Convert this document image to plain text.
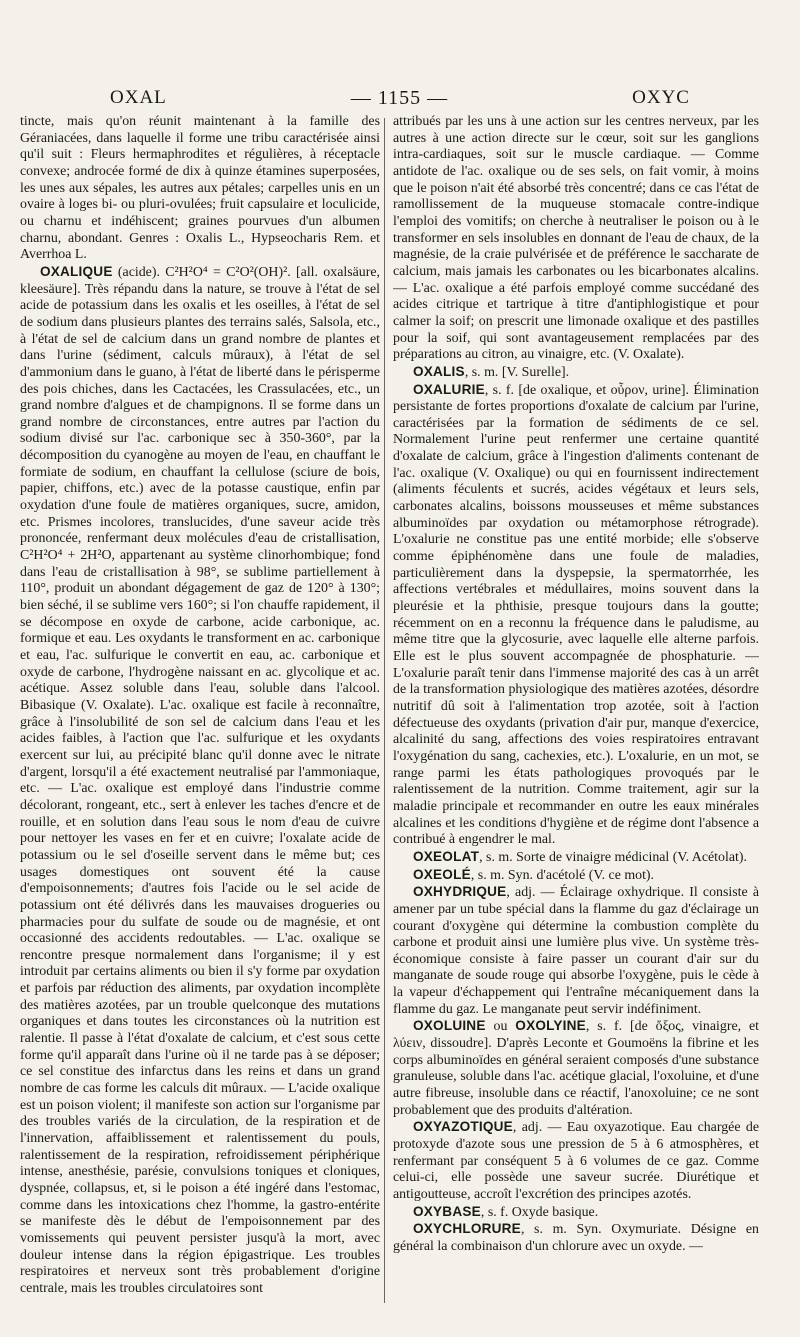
OXAL	— 1155 —	OXYC

tincte, mais qu'on réunit maintenant à la famille des Géraniacées, dans laquelle il forme une tribu caractérisée ainsi qu'il suit : Fleurs hermaphrodites et régulières, à réceptacle convexe; androcée formé de dix à quinze étamines superposées, les unes aux sépales, les autres aux pétales; carpelles unis en un ovaire à loges bi- ou pluri-ovulées; fruit capsulaire et loculicide, ou charnu et indéhiscent; graines pourvues d'un albumen charnu, abondant. Genres : Oxalis L., Hypseocharis Rem. et Averrhoa L.

OXALIQUE (acide). C²H²O⁴ = C²O²(OH)². [all. oxalsäure, kleesäure]. Très répandu dans la nature, se trouve à l'état de sel acide de potassium dans les oxalis et les oseilles, à l'état de sel de sodium dans plusieurs plantes des terrains salés, Salsola, etc., à l'état de sel de calcium dans un grand nombre de plantes et dans l'urine (sédiment, calculs mûraux), à l'état de sel d'ammonium dans le guano, à l'état de liberté dans le périsperme des pois chiches, dans les Cactacées, les Crassulacées, etc., un grand nombre d'algues et de champignons. Il se forme dans un grand nombre de circonstances, entre autres par l'action du sodium divisé sur l'ac. carbonique sec à 350-360°, par la décomposition du cyanogène au moyen de l'eau, en chauffant le formiate de sodium, en chauffant la cellulose (sciure de bois, papier, chiffons, etc.) avec de la potasse caustique, enfin par oxydation d'une foule de matières organiques, sucre, amidon, etc. Prismes incolores, translucides, d'une saveur acide très prononcée, renfermant deux molécules d'eau de cristallisation, C²H²O⁴ + 2H²O, appartenant au système clinorhombique; fond dans l'eau de cristallisation à 98°, se sublime partiellement à 110°, produit un abondant dégagement de gaz de 120° à 130°; bien séché, il se sublime vers 160°; si l'on chauffe rapidement, il se décompose en oxyde de carbone, acide carbonique, ac. formique et eau. Les oxydants le transforment en ac. carbonique et eau, l'ac. sulfurique le convertit en eau, ac. carbonique et oxyde de carbone, l'hydrogène naissant en ac. glycolique et ac. acétique. Assez soluble dans l'eau, soluble dans l'alcool. Bibasique (V. Oxalate). L'ac. oxalique est facile à reconnaître, grâce à l'insolubilité de son sel de calcium dans l'eau et les acides faibles, à l'action que l'ac. sulfurique et les oxydants exercent sur lui, au précipité blanc qu'il donne avec le nitrate d'argent, lorsqu'il a été exactement neutralisé par l'ammoniaque, etc. — L'ac. oxalique est employé dans l'industrie comme décolorant, rongeant, etc., sert à enlever les taches d'encre et de rouille, et en solution dans l'eau sous le nom d'eau de cuivre pour nettoyer les vases en fer et en cuivre; l'oxalate acide de potassium ou le sel d'oseille servent dans le même but; ces usages domestiques ont souvent été la cause d'empoisonnements; d'autres fois l'acide ou le sel acide de potassium ont été délivrés dans les mauvaises drogueries ou pharmacies pour du sulfate de soude ou de magnésie, et ont occasionné des accidents redoutables. — L'ac. oxalique se rencontre presque normalement dans l'organisme; il y est introduit par certains aliments ou bien il s'y forme par oxydation et parfois par réduction des aliments, par oxydation incomplète des matières azotées, par un trouble quelconque des mutations organiques et dans toutes les circonstances où la nutrition est ralentie. Il passe à l'état d'oxalate de calcium, et c'est sous cette forme qu'il apparaît dans l'urine où il ne tarde pas à se déposer; ce sel constitue des infarctus dans les reins et dans un grand nombre de cas forme les calculs dit mûraux. — L'acide oxalique est un poison violent; il manifeste son action sur l'organisme par des troubles variés de la circulation, de la respiration et de l'innervation, affaiblissement et ralentissement du pouls, ralentissement de la respiration, refroidissement périphérique intense, anesthésie, parésie, convulsions toniques et cloniques, dyspnée, collapsus, et, si le poison a été ingéré dans l'estomac, comme dans les intoxications chez l'homme, la gastro-entérite se manifeste dès le début de l'empoisonnement par des vomissements qui peuvent persister jusqu'à la mort, avec douleur intense dans la région épigastrique. Les troubles respiratoires et nerveux sont très probablement d'origine centrale, mais les troubles circulatoires sont

attribués par les uns à une action sur les centres nerveux, par les autres à une action directe sur le cœur, soit sur les ganglions intra-cardiaques, soit sur le muscle cardiaque. — Comme antidote de l'ac. oxalique ou de ses sels, on fait vomir, à moins que le poison n'ait été absorbé très concentré; dans ce cas l'état de ramollissement de la muqueuse stomacale contre-indique l'emploi des vomitifs; on cherche à neutraliser le poison ou à le transformer en sels insolubles en donnant de l'eau de chaux, de la magnésie, de la craie pulvérisée et de préférence le saccharate de calcium, mais jamais les carbonates ou les bicarbonates alcalins. — L'ac. oxalique a été parfois employé comme succédané des acides citrique et tartrique à titre d'antiphlogistique et pour calmer la soif; on prescrit une limonade oxalique et des pastilles pour la soif, qui sont avantageusement remplacées par des préparations au citron, au vinaigre, etc. (V. Oxalate).

OXALIS, s. m. [V. Surelle].

OXALURIE, s. f. [de oxalique, et οὖρον, urine]. Élimination persistante de fortes proportions d'oxalate de calcium par l'urine, caractérisées par la formation de sédiments de ce sel. Normalement l'urine peut renfermer une certaine quantité d'oxalate de calcium, grâce à l'ingestion d'aliments contenant de l'ac. oxalique (V. Oxalique) ou qui en fournissent indirectement (aliments féculents et sucrés, acides végétaux et leurs sels, carbonates alcalins, boissons mousseuses et même substances albuminoïdes par oxydation ou métamorphose rétrograde). L'oxalurie ne constitue pas une entité morbide; elle s'observe comme épiphénomène dans une foule de maladies, particulièrement dans la dyspepsie, la spermatorrhée, les affections vertébrales et médullaires, moins souvent dans la pleurésie et la phthisie, presque toujours dans la goutte; récemment on en a reconnu la fréquence dans le paludisme, au même titre que la glycosurie, avec laquelle elle alterne parfois. Elle est le plus souvent accompagnée de phosphaturie. — L'oxalurie paraît tenir dans l'immense majorité des cas à un arrêt de la transformation physiologique des matières azotées, désordre nutritif dû soit à l'alimentation trop azotée, soit à l'action défectueuse des oxydants (privation d'air pur, manque d'exercice, alcalinité du sang, affections des voies respiratoires entravant l'oxygénation du sang, cachexies, etc.). L'oxalurie, en un mot, se range parmi les états pathologiques provoqués par le ralentissement de la nutrition. Comme traitement, agir sur la maladie principale et recommander en outre les eaux minérales alcalines et les conditions d'hygiène et de régime dont l'absence a contribué à engendrer le mal.

OXEOLAT, s. m. Sorte de vinaigre médicinal (V. Acétolat).

OXEOLÉ, s. m. Syn. d'acétolé (V. ce mot).

OXHYDRIQUE, adj. — Éclairage oxhydrique. Il consiste à amener par un tube spécial dans la flamme du gaz d'éclairage un courant d'oxygène qui détermine la combustion complète du carbone et produit ainsi une lumière plus vive. Un système très-économique consiste à faire passer un courant d'air sur du manganate de soude rouge qui absorbe l'oxygène, puis le cède à la vapeur d'échappement qui l'entraîne mécaniquement dans la flamme du gaz. Le manganate peut servir indéfiniment.

OXOLUINE ou OXOLYINE, s. f. [de ὄξος, vinaigre, et λύειν, dissoudre]. D'après Leconte et Goumoëns la fibrine et les corps albuminoïdes en général seraient composés d'une substance granuleuse, soluble dans l'ac. acétique glacial, l'oxoluine, et d'une autre fibreuse, insoluble dans ce réactif, l'anoxoluine; ce ne sont probablement que des produits d'altération.

OXYAZOTIQUE, adj. — Eau oxyazotique. Eau chargée de protoxyde d'azote sous une pression de 5 à 6 atmosphères, et renfermant par conséquent 5 à 6 volumes de ce gaz. Comme celui-ci, elle possède une saveur sucrée. Diurétique et antigoutteuse, accroît l'excrétion des principes azotés.

OXYBASE, s. f. Oxyde basique.

OXYCHLORURE, s. m. Syn. Oxymuriate. Désigne en général la combinaison d'un chlorure avec un oxyde. —
